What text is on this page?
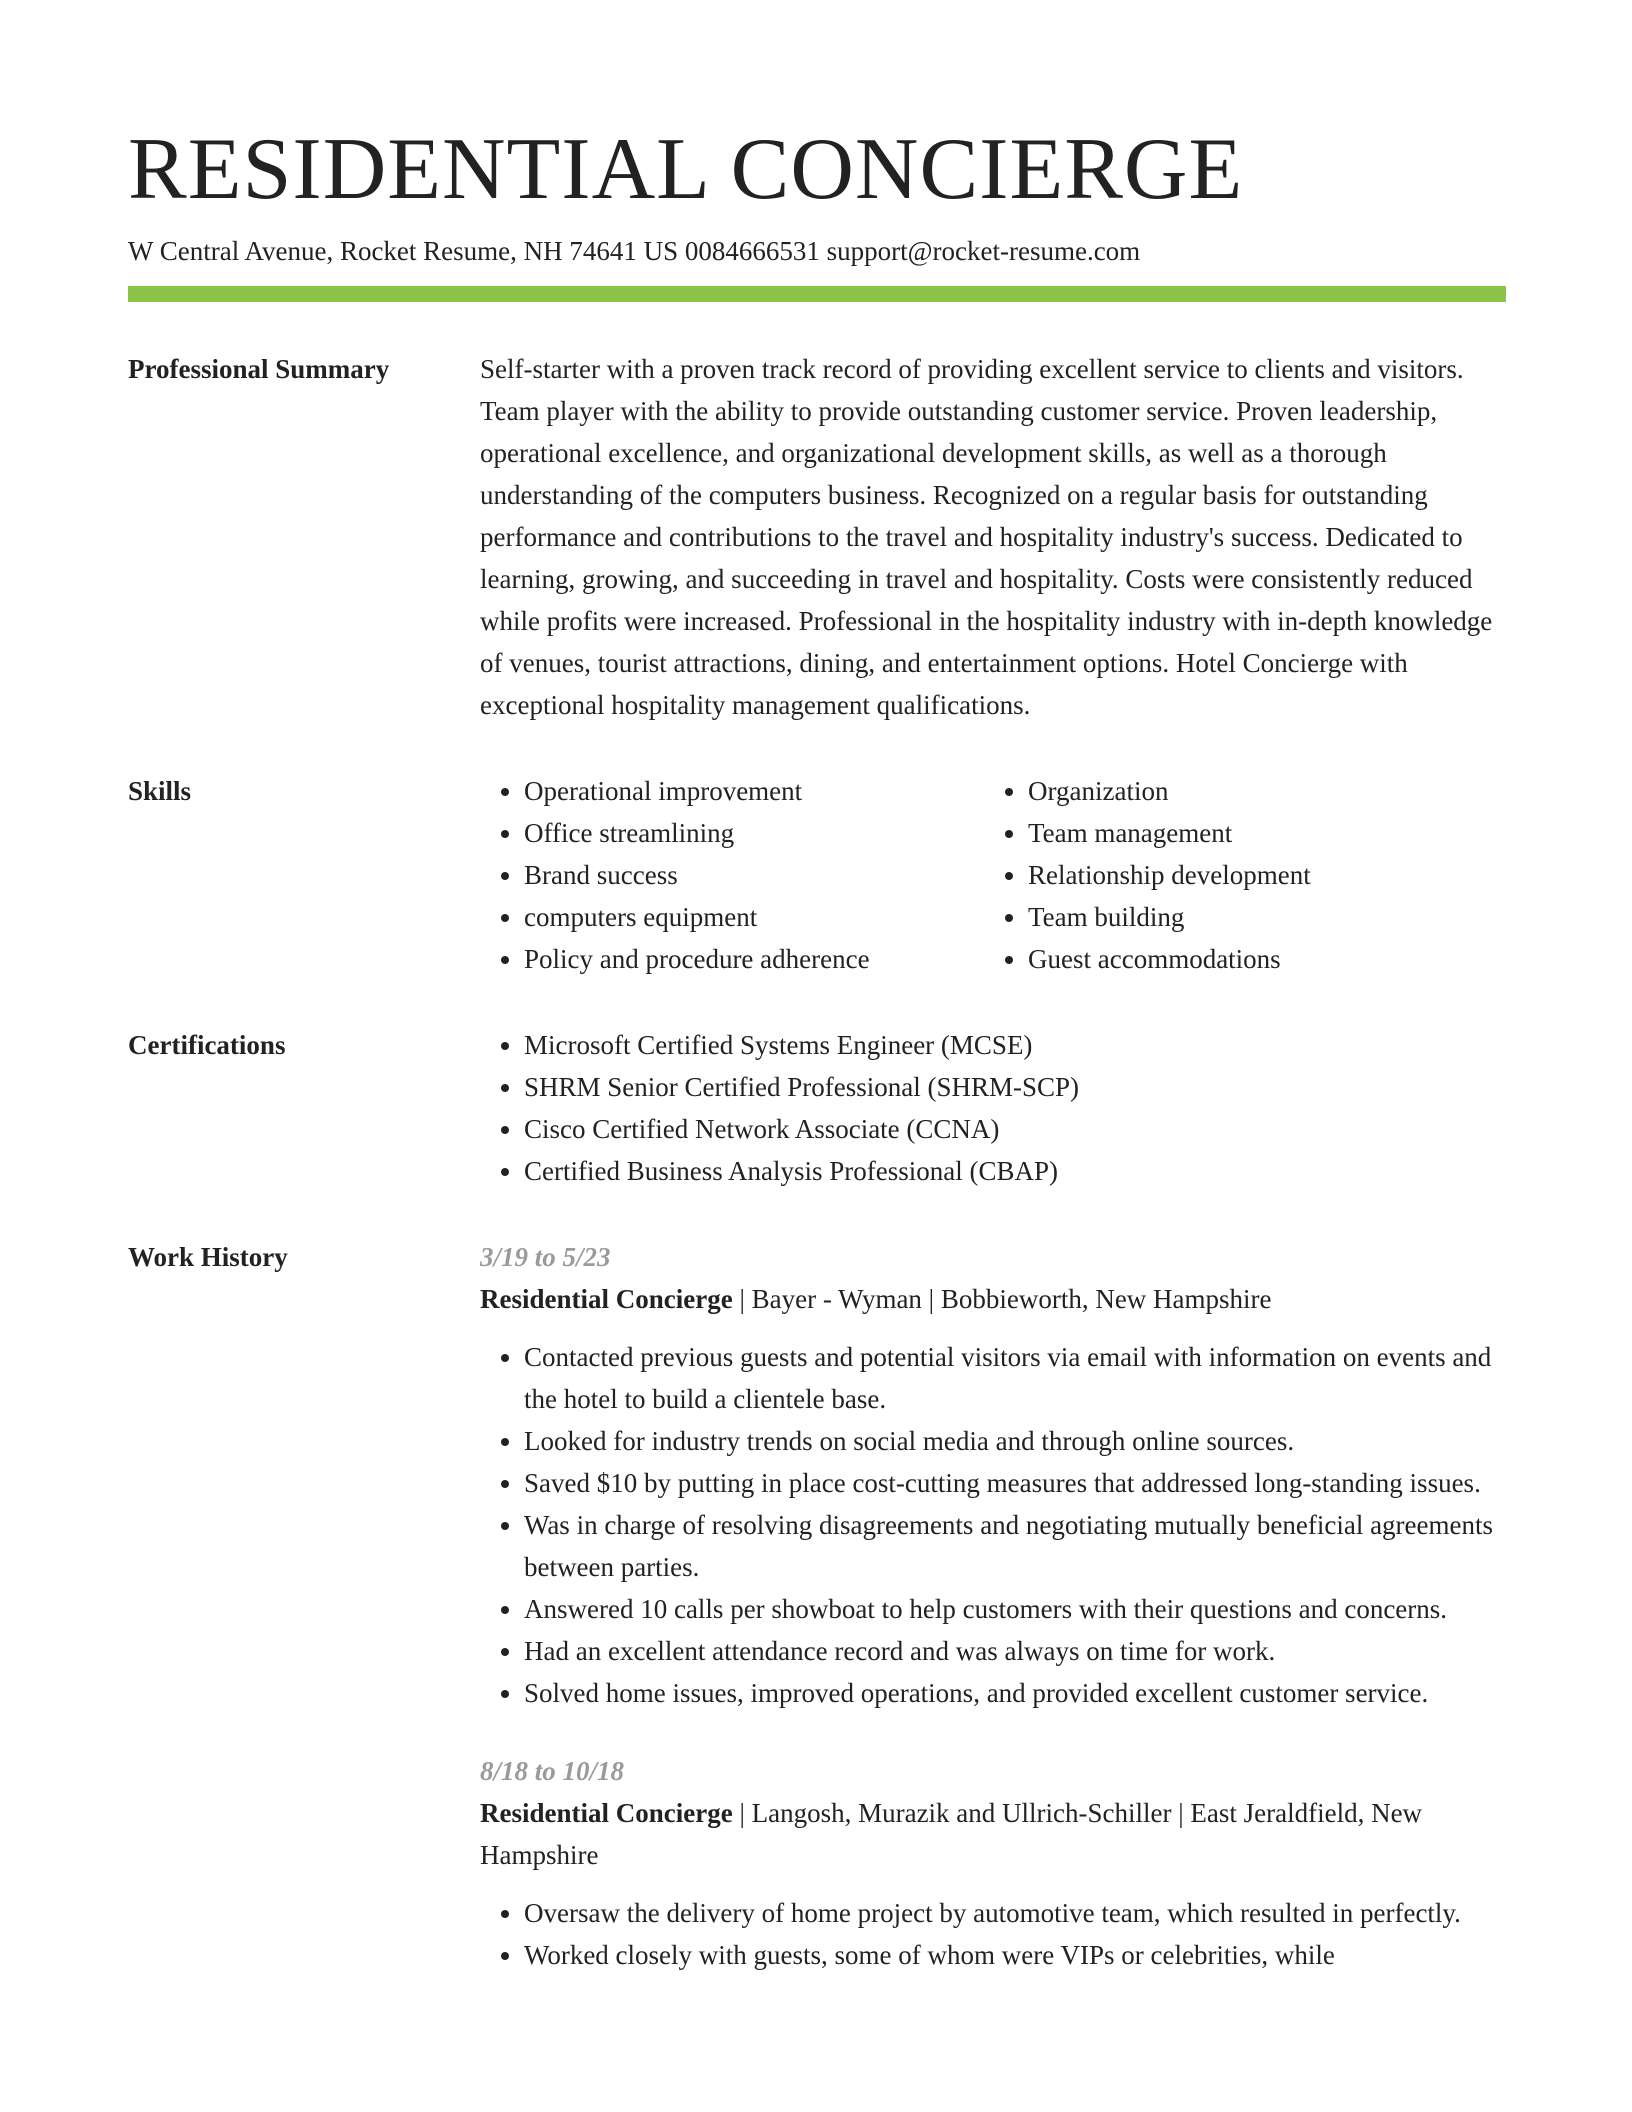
RESIDENTIAL CONCIERGE
W Central Avenue, Rocket Resume, NH 74641 US 0084666531 support@rocket-resume.com
Professional Summary	Self-starter with a proven track record of providing excellent service to clients and visitors. Team player with the ability to provide outstanding customer service. Proven leadership, operational excellence, and organizational development skills, as well as a thorough understanding of the computers business. Recognized on a regular basis for outstanding performance and contributions to the travel and hospitality industry's success. Dedicated to learning, growing, and succeeding in travel and hospitality. Costs were consistently reduced while profits were increased. Professional in the hospitality industry with in-depth knowledge of venues, tourist attractions, dining, and entertainment options. Hotel Concierge with exceptional hospitality management qualifications.

Skills	• Operational improvement
• Office streamlining
• Brand success
• computers equipment
• Policy and procedure adherence
• Organization
• Team management
• Relationship development
• Team building
• Guest accommodations
Certifications	• Microsoft Certified Systems Engineer (MCSE)
• SHRM Senior Certified Professional (SHRM-SCP)
• Cisco Certified Network Associate (CCNA)
• Certified Business Analysis Professional (CBAP)
Work History	3/19 to 5/23
Residential Concierge | Bayer - Wyman | Bobbieworth, New Hampshire
• Contacted previous guests and potential visitors via email with information on events and the hotel to build a clientele base.
• Looked for industry trends on social media and through online sources.
• Saved $10 by putting in place cost-cutting measures that addressed long-standing issues.
• Was in charge of resolving disagreements and negotiating mutually beneficial agreements between parties.
• Answered 10 calls per showboat to help customers with their questions and concerns.
• Had an excellent attendance record and was always on time for work.
• Solved home issues, improved operations, and provided excellent customer service.
8/18 to 10/18
Residential Concierge | Langosh, Murazik and Ullrich-Schiller | East Jeraldfield, New Hampshire
• Oversaw the delivery of home project by automotive team, which resulted in perfectly.
• Worked closely with guests, some of whom were VIPs or celebrities, while
